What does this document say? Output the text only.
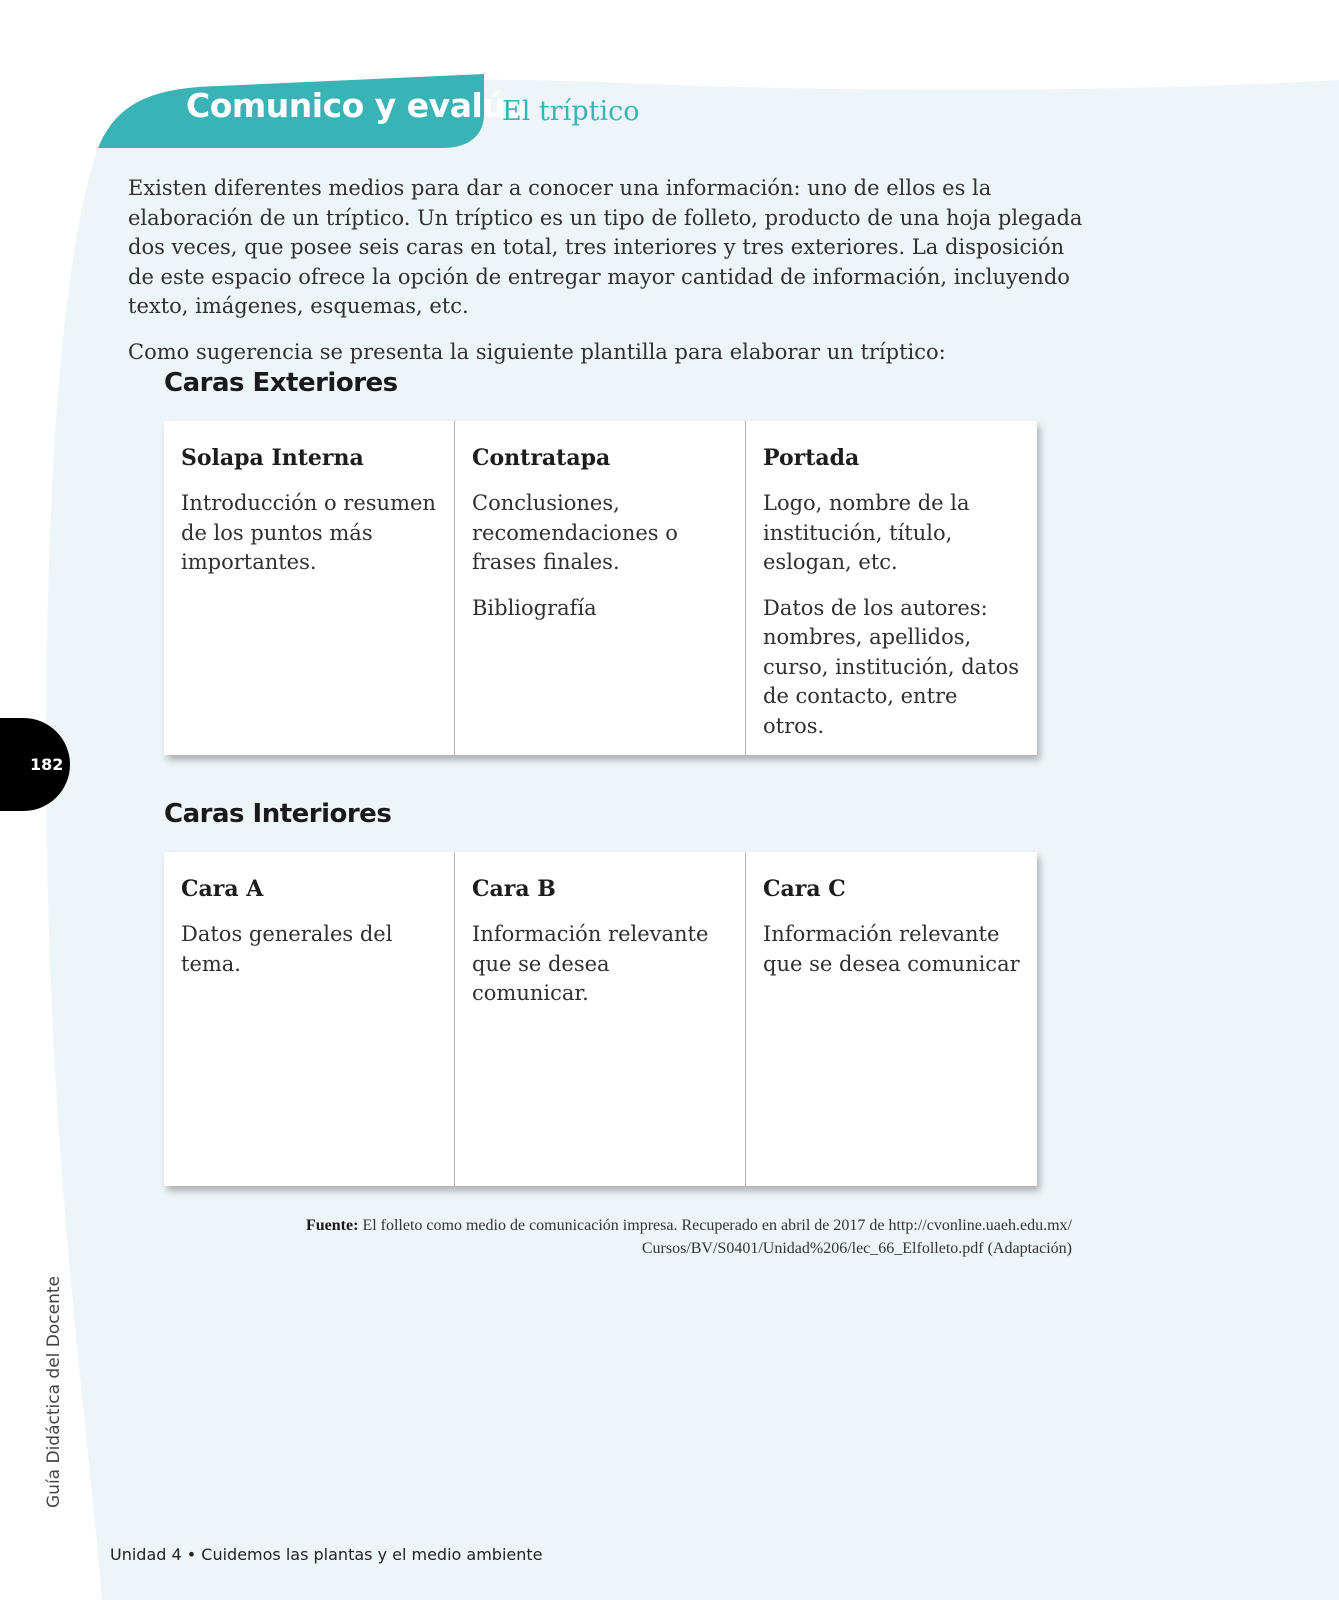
Comunico y evalúo
El tríptico

Existen diferentes medios para dar a conocer una información: uno de ellos es la elaboración de un tríptico. Un tríptico es un tipo de folleto, producto de una hoja plegada dos veces, que posee seis caras en total, tres interiores y tres exteriores. La disposición de este espacio ofrece la opción de entregar mayor cantidad de información, incluyendo texto, imágenes, esquemas, etc.

Como sugerencia se presenta la siguiente plantilla para elaborar un tríptico:

Caras Exteriores
Solapa Interna
Introducción o resumen
de los puntos más
importantes.
Contratapa
Conclusiones,
recomendaciones o
frases finales.
Bibliografía
Portada
Logo, nombre de la
institución, título,
eslogan, etc.
Datos de los autores:
nombres, apellidos,
curso, institución, datos
de contacto, entre otros.
Caras Interiores
Cara A
Datos generales del
tema.
Cara B
Información relevante
que se desea comunicar.
Cara C
Información relevante
que se desea comunicar
Fuente: El folleto como medio de comunicación impresa. Recuperado en abril de 2017 de http://cvonline.uaeh.edu.mx/
Cursos/BV/S0401/Unidad%206/lec_66_Elfolleto.pdf (Adaptación)
182
Guía Didáctica del Docente
Unidad 4 • Cuidemos las plantas y el medio ambiente
